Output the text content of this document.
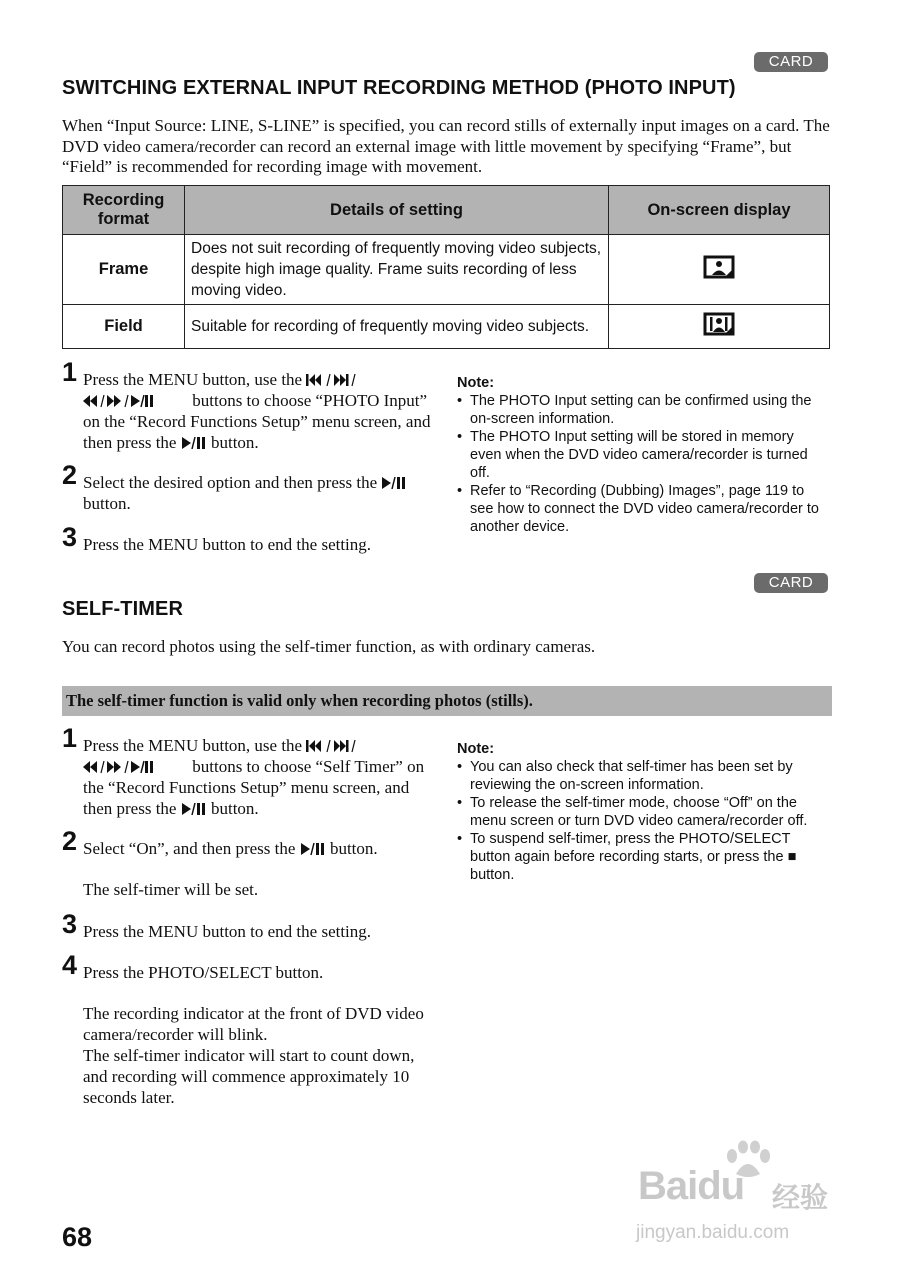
CARD
SWITCHING EXTERNAL INPUT RECORDING METHOD (PHOTO INPUT)

When “Input Source: LINE, S-LINE” is specified, you can record stills of externally input images on a card. The DVD video camera/recorder can record an external image with little movement by specifying “Frame”, but “Field” is recommended for recording image with movement.

Recording format	Details of setting	On-screen display
Frame	Does not suit recording of frequently moving video subjects, despite high image quality. Frame suits recording of less moving video.	
Field	Suitable for recording of frequently moving video subjects.	
1 Press the MENU button, use the
buttons to choose “PHOTO Input” on the “Record Functions Setup” menu screen, and then press the  button.
2 Select the desired option and then press the  button.
3 Press the MENU button to end the setting.
Note:
• The PHOTO Input setting can be confirmed using the on-screen information.
• The PHOTO Input setting will be stored in memory even when the DVD video camera/recorder is turned off.
• Refer to “Recording (Dubbing) Images”, page 119 to see how to connect the DVD video camera/recorder to another device.
CARD
SELF-TIMER

You can record photos using the self-timer function, as with ordinary cameras.

The self-timer function is valid only when recording photos (stills).
1 Press the MENU button, use the
buttons to choose “Self Timer” on the “Record Functions Setup” menu screen, and then press the  button.
2 Select “On”, and then press the  button.
The self-timer will be set.
3 Press the MENU button to end the setting.
4 Press the PHOTO/SELECT button.
The recording indicator at the front of DVD video camera/recorder will blink.
The self-timer indicator will start to count down, and recording will commence approximately 10 seconds later.
Note:
• You can also check that self-timer has been set by reviewing the on-screen information.
• To release the self-timer mode, choose “Off” on the menu screen or turn DVD video camera/recorder off.
• To suspend self-timer, press the PHOTO/SELECT button again before recording starts, or press the ■ button.
68
Baidu 经验
jingyan.baidu.com
